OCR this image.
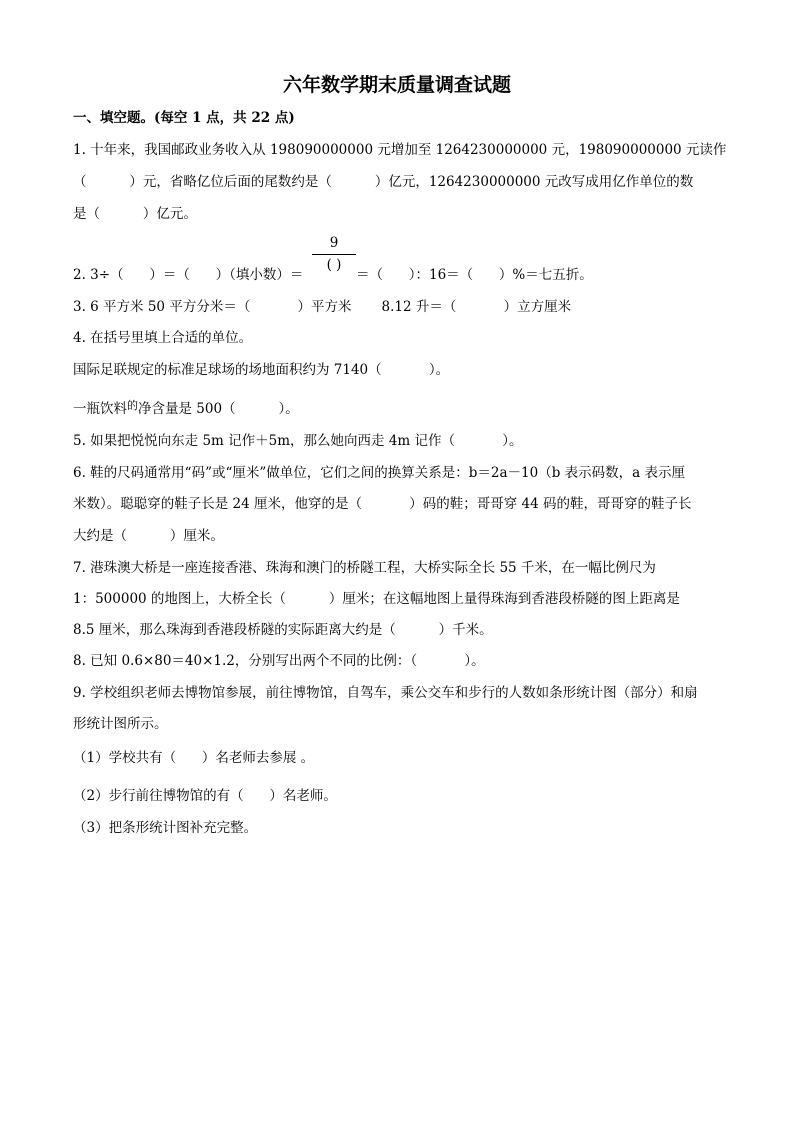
六年数学期末质量调查试题
一、填空题。(每空 1 点，共 22 点)
1. 十年来，我国邮政业务收入从 198090000000 元增加至 1264230000000 元，198090000000 元读作
（          ）元，省略亿位后面的尾数约是（          ）亿元，1264230000000 元改写成用亿作单位的数
是（          ）亿元。
2. 3÷（      ）＝（      ）（填小数）＝
9
( )
＝（      ）：16＝（      ）%＝七五折。
3. 6 平方米 50 平方分米＝（           ）平方米       8.12 升＝（           ）立方厘米
4. 在括号里填上合适的单位。
国际足联规定的标准足球场的场地面积约为 7140（           ）。
一瓶饮料$^的$净含量是 500（          ）。
5. 如果把悦悦向东走 5m 记作＋5m，那么她向西走 4m 记作（           ）。
6. 鞋的尺码通常用“码”或“厘米”做单位，它们之间的换算关系是：b＝2a－10（b 表示码数，a 表示厘
米数）。聪聪穿的鞋子长是 24 厘米，他穿的是（           ）码的鞋；哥哥穿 44 码的鞋，哥哥穿的鞋子长
大约是（          ）厘米。
7. 港珠澳大桥是一座连接香港、珠海和澳门的桥隧工程，大桥实际全长 55 千米，在一幅比例尺为
1：500000 的地图上，大桥全长（          ）厘米；在这幅地图上量得珠海到香港段桥隧的图上距离是
8.5 厘米，那么珠海到香港段桥隧的实际距离大约是（          ）千米。
8. 已知 0.6×80＝40×1.2，分别写出两个不同的比例：（           ）。
9. 学校组织老师去博物馆参展，前往博物馆，自驾车，乘公交车和步行的人数如条形统计图（部分）和扇
形统计图所示。
（1）学校共有（      ）名老师去参展 。
（2）步行前往博物馆的有（      ）名老师。
（3）把条形统计图补充完整。
